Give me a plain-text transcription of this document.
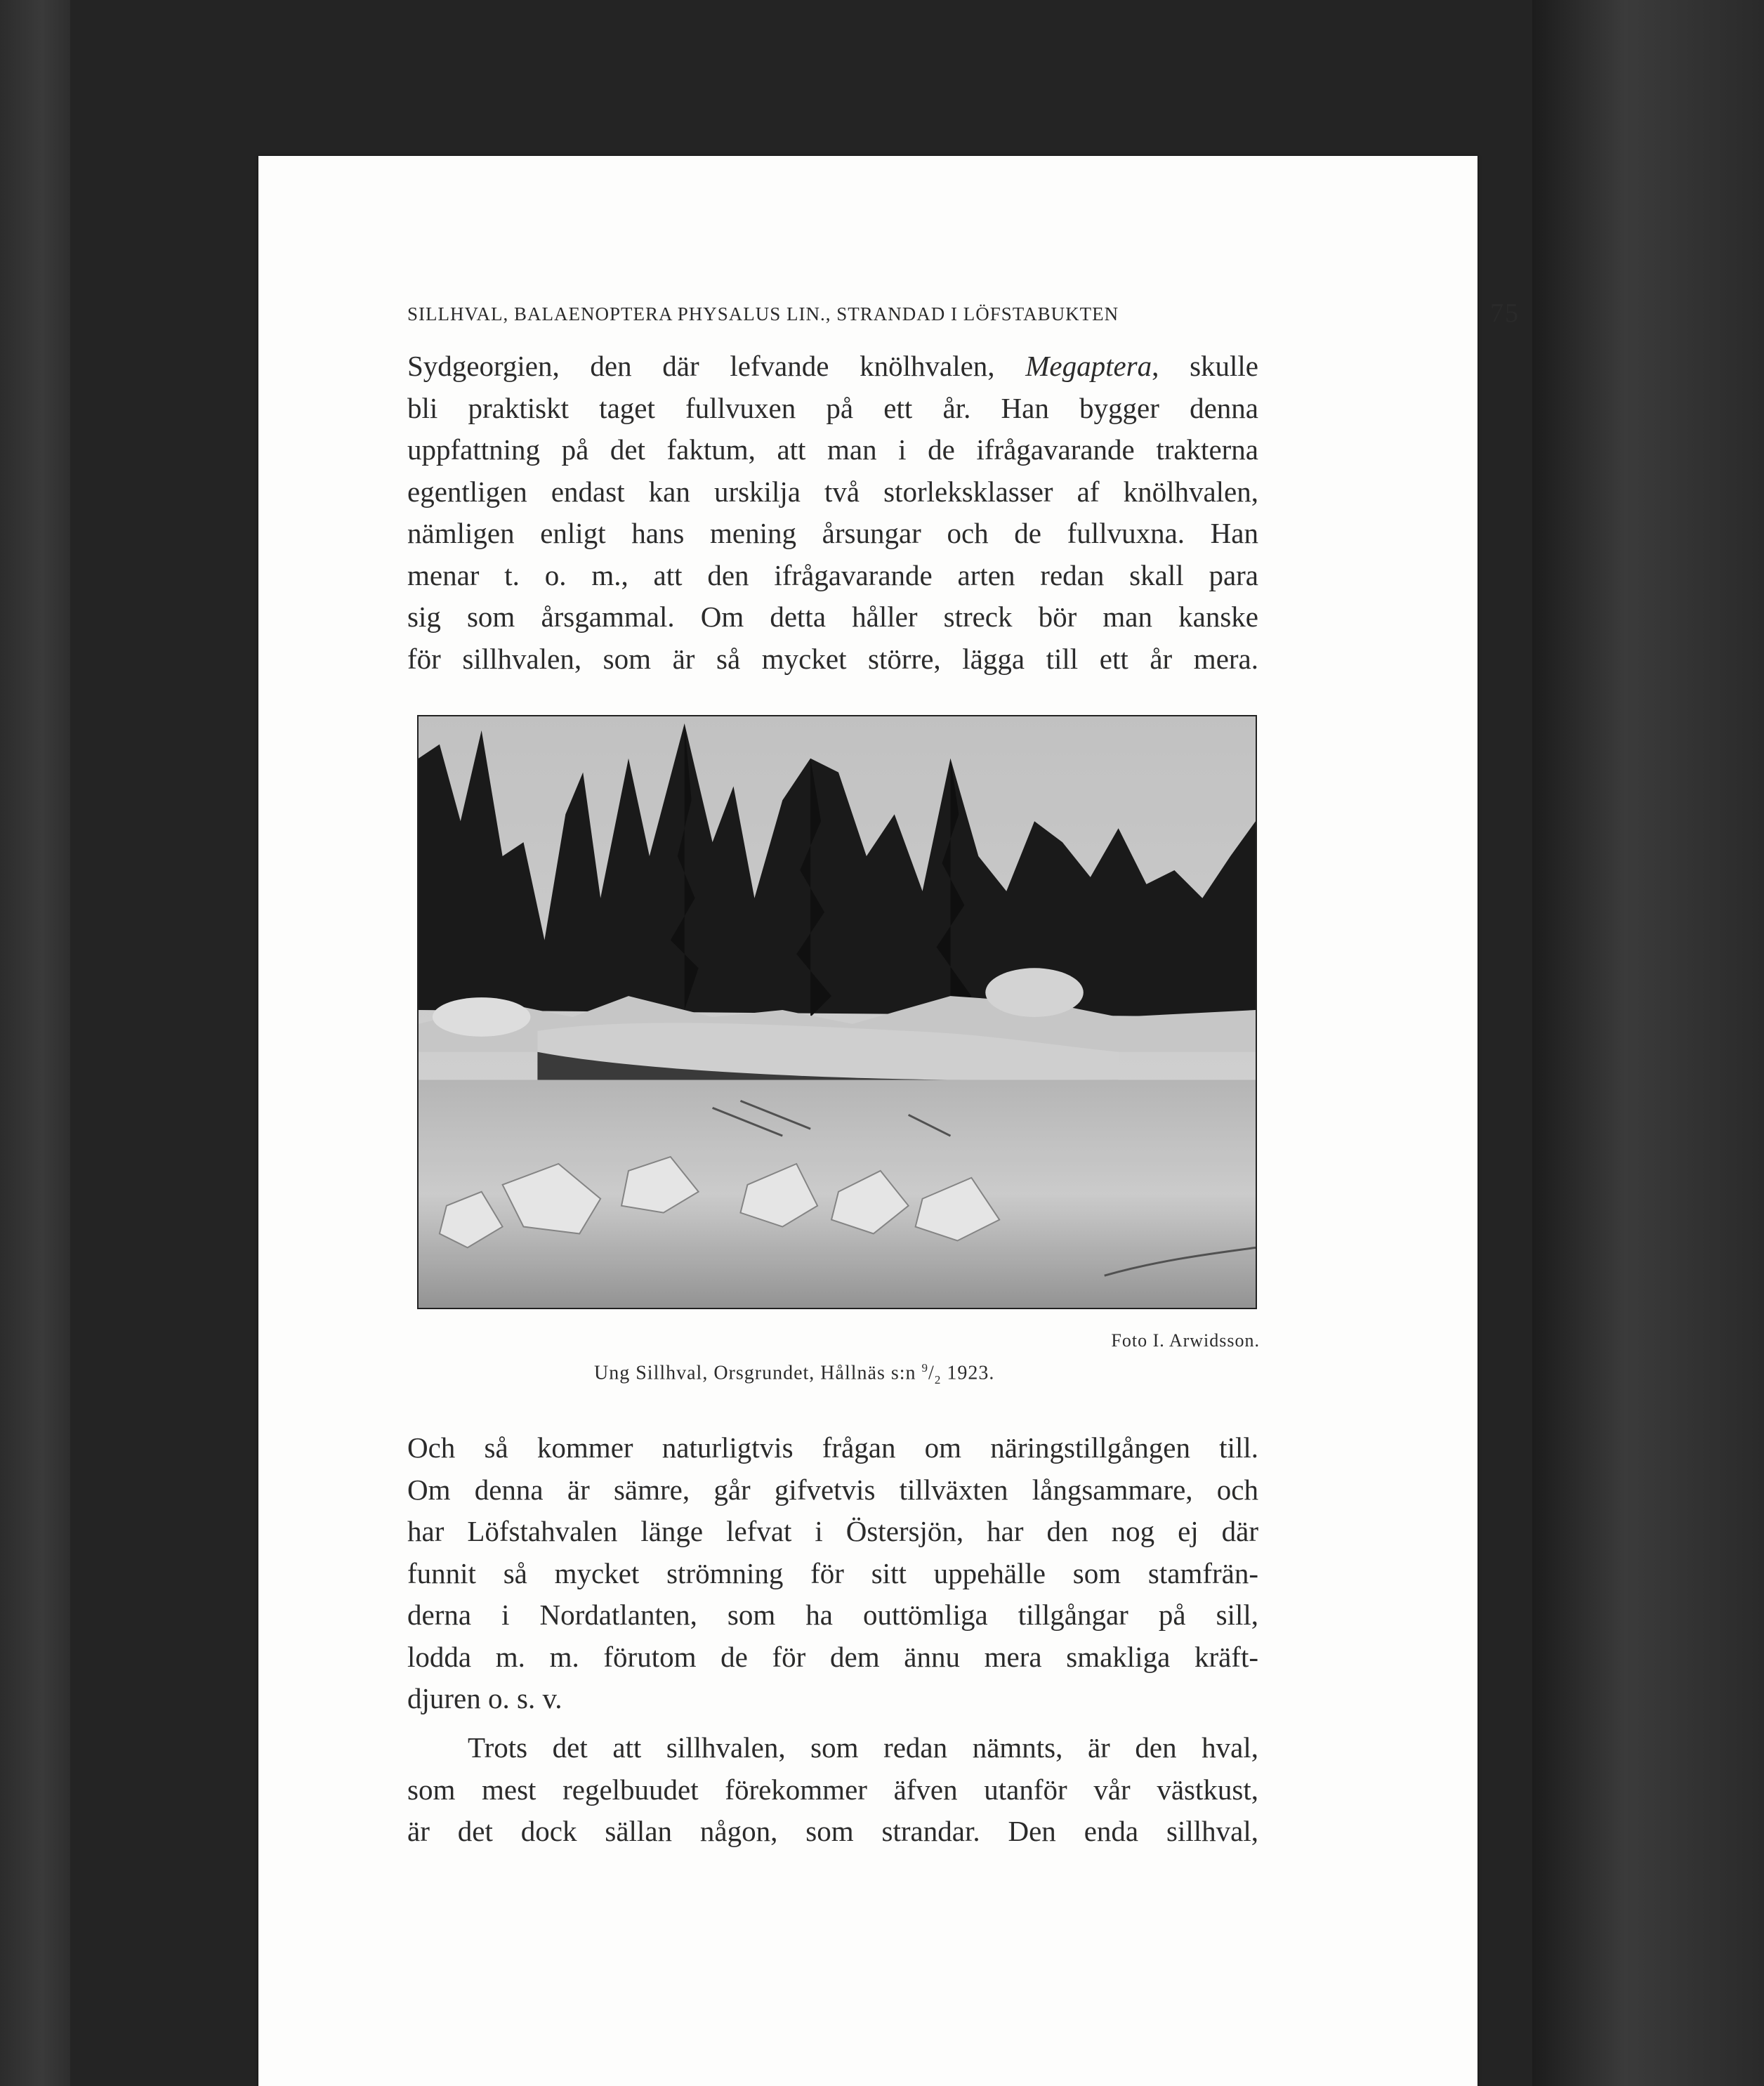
SILLHVAL, BALAENOPTERA PHYSALUS LIN., STRANDAD I LÖFSTABUKTEN	75
Sydgeorgien, den där lefvande knölhvalen, Megaptera, skulle
bli praktiskt taget fullvuxen på ett år. Han bygger denna
uppfattning på det faktum, att man i de ifrågavarande trakterna
egentligen endast kan urskilja två storleksklasser af knölhvalen,
nämligen enligt hans mening årsungar och de fullvuxna. Han
menar t. o. m., att den ifrågavarande arten redan skall para
sig som årsgammal. Om detta håller streck bör man kanske
för sillhvalen, som är så mycket större, lägga till ett år mera.
Foto I. Arwidsson.
Ung Sillhval, Orsgrundet, Hållnäs s:n $^9/_2$ 1923.
Och så kommer naturligtvis frågan om näringstillgången till.
Om denna är sämre, går gifvetvis tillväxten långsammare, och
har Löfstahvalen länge lefvat i Östersjön, har den nog ej där
funnit så mycket strömning för sitt uppehälle som stamfrän-
derna i Nordatlanten, som ha outtömliga tillgångar på sill,
lodda m. m. förutom de för dem ännu mera smakliga kräft-
djuren o. s. v.
Trots det att sillhvalen, som redan nämnts, är den hval,
som mest regelbuudet förekommer äfven utanför vår västkust,
är det dock sällan någon, som strandar. Den enda sillhval,
